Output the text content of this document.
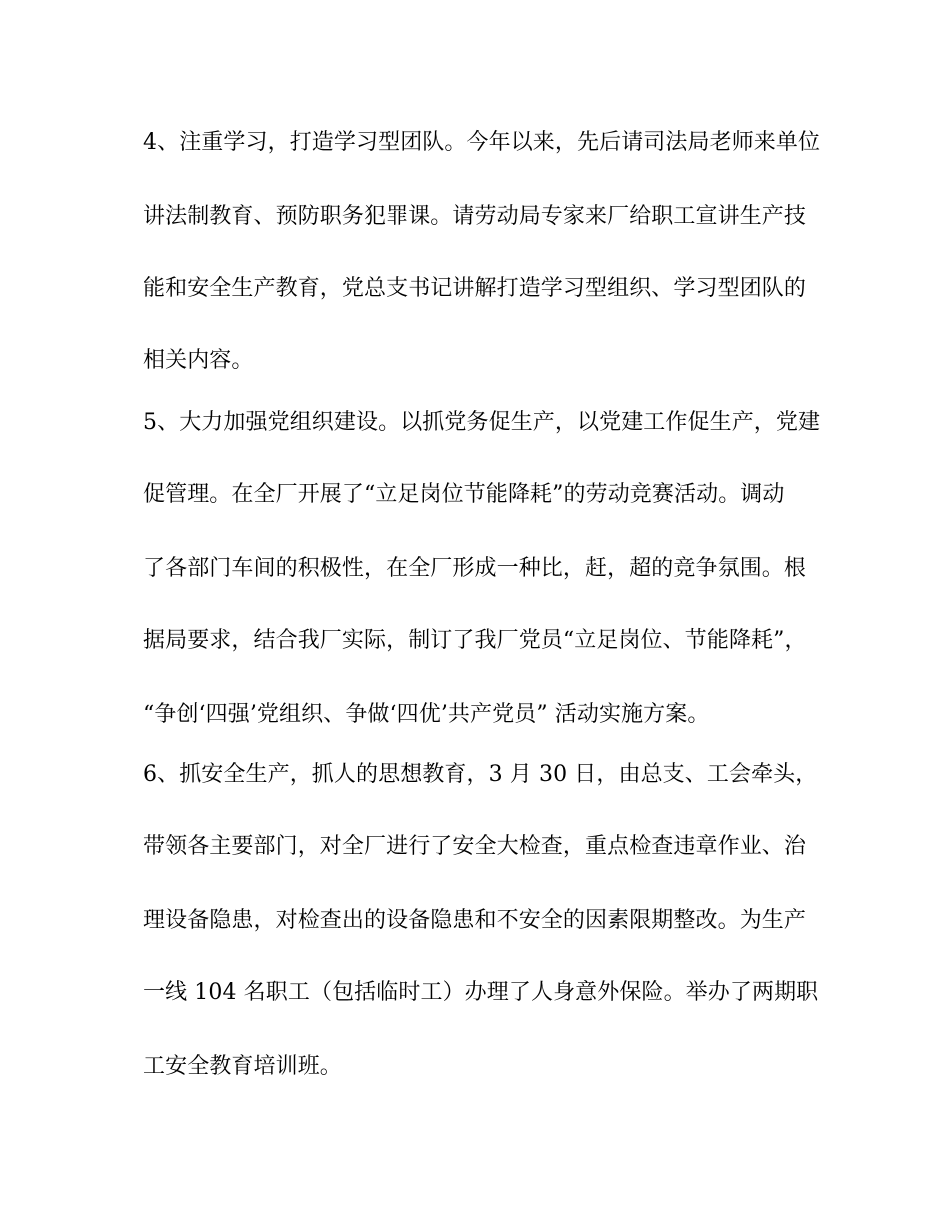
4、注重学习，打造学习型团队。今年以来，先后请司法局老师来单位
讲法制教育、预防职务犯罪课。请劳动局专家来厂给职工宣讲生产技
能和安全生产教育，党总支书记讲解打造学习型组织、学习型团队的
相关内容。
5、大力加强党组织建设。以抓党务促生产，以党建工作促生产，党建
促管理。在全厂开展了“立足岗位节能降耗”的劳动竞赛活动。调动
了各部门车间的积极性，在全厂形成一种比，赶，超的竞争氛围。根
据局要求，结合我厂实际，制订了我厂党员“立足岗位、节能降耗”，
“争创‘四强’党组织、争做‘四优’共产党员” 活动实施方案。
6、抓安全生产，抓人的思想教育，3 月 30 日，由总支、工会牵头，
带领各主要部门，对全厂进行了安全大检查，重点检查违章作业、治
理设备隐患，对检查出的设备隐患和不安全的因素限期整改。为生产
一线 104 名职工（包括临时工）办理了人身意外保险。举办了两期职
工安全教育培训班。
